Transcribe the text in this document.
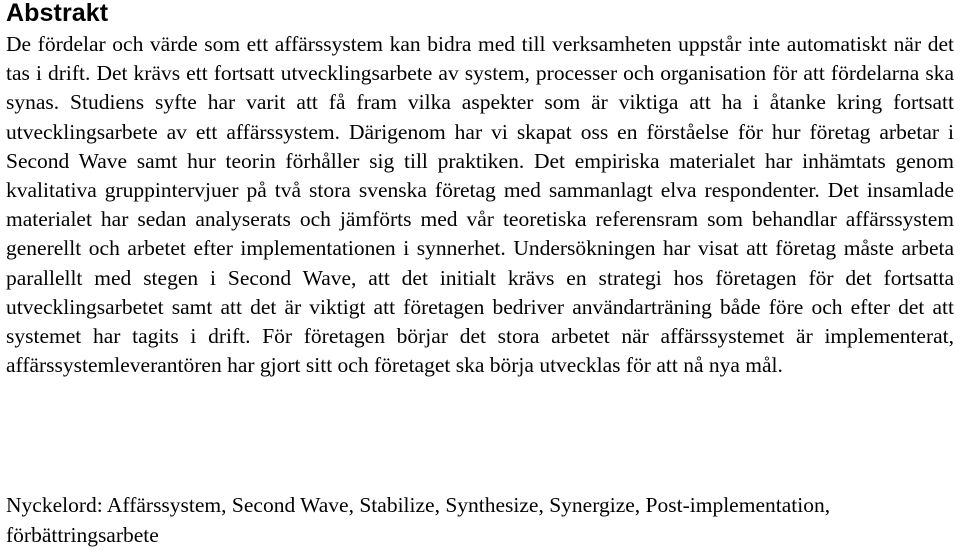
Abstrakt

De fördelar och värde som ett affärssystem kan bidra med till verksamheten uppstår inte automatiskt när det tas i drift. Det krävs ett fortsatt utvecklingsarbete av system, processer och organisation för att fördelarna ska synas. Studiens syfte har varit att få fram vilka aspekter som är viktiga att ha i åtanke kring fortsatt utvecklingsarbete av ett affärssystem. Därigenom har vi skapat oss en förståelse för hur företag arbetar i Second Wave samt hur teorin förhåller sig till praktiken. Det empiriska materialet har inhämtats genom kvalitativa gruppintervjuer på två stora svenska företag med sammanlagt elva respondenter. Det insamlade materialet har sedan analyserats och jämförts med vår teoretiska referensram som behandlar affärssystem generellt och arbetet efter implementationen i synnerhet. Undersökningen har visat att företag måste arbeta parallellt med stegen i Second Wave, att det initialt krävs en strategi hos företagen för det fortsatta utvecklingsarbetet samt att det är viktigt att företagen bedriver användarträning både före och efter det att systemet har tagits i drift. För företagen börjar det stora arbetet när affärssystemet är implementerat, affärssystemleverantören har gjort sitt och företaget ska börja utvecklas för att nå nya mål.

Nyckelord: Affärssystem, Second Wave, Stabilize, Synthesize, Synergize, Post-implementation, förbättringsarbete
